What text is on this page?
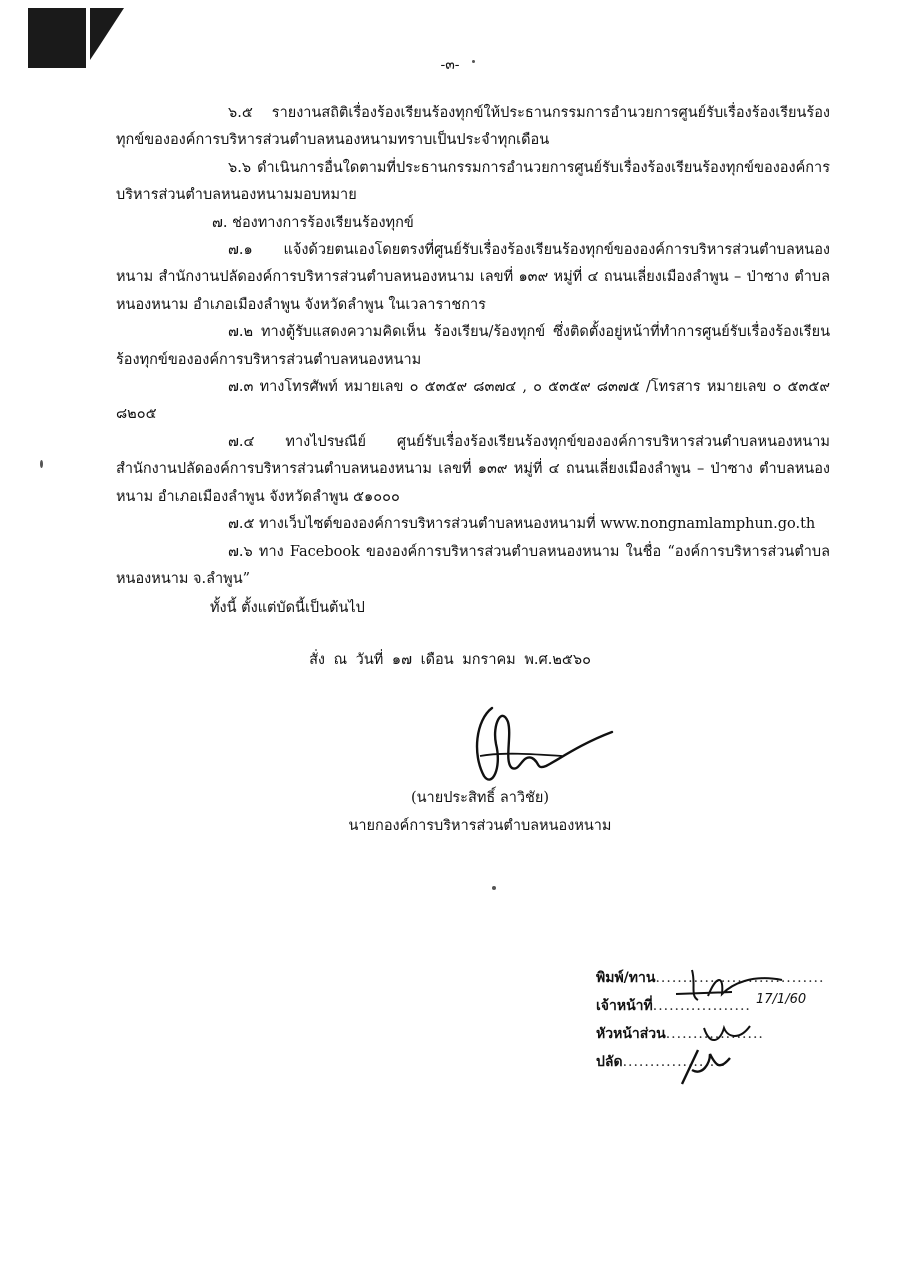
-๓-

๖.๕ รายงานสถิติเรื่องร้องเรียนร้องทุกข์ให้ประธานกรรมการอำนวยการศูนย์รับเรื่องร้องเรียนร้องทุกข์ขององค์การบริหารส่วนตำบลหนองหนามทราบเป็นประจำทุกเดือน

๖.๖ ดำเนินการอื่นใดตามที่ประธานกรรมการอำนวยการศูนย์รับเรื่องร้องเรียนร้องทุกข์ขององค์การบริหารส่วนตำบลหนองหนามมอบหมาย

๗. ช่องทางการร้องเรียนร้องทุกข์

๗.๑ แจ้งด้วยตนเองโดยตรงที่ศูนย์รับเรื่องร้องเรียนร้องทุกข์ขององค์การบริหารส่วนตำบลหนองหนาม สำนักงานปลัดองค์การบริหารส่วนตำบลหนองหนาม เลขที่ ๑๓๙ หมู่ที่ ๔ ถนนเลี่ยงเมืองลำพูน – ป่าซาง ตำบลหนองหนาม อำเภอเมืองลำพูน จังหวัดลำพูน ในเวลาราชการ

๗.๒ ทางตู้รับแสดงความคิดเห็น ร้องเรียน/ร้องทุกข์ ซึ่งติดตั้งอยู่หน้าที่ทำการศูนย์รับเรื่องร้องเรียนร้องทุกข์ขององค์การบริหารส่วนตำบลหนองหนาม

๗.๓ ทางโทรศัพท์ หมายเลข ๐ ๕๓๕๙ ๘๓๗๔ , ๐ ๕๓๕๙ ๘๓๗๕ /โทรสาร หมายเลข ๐ ๕๓๕๙ ๘๒๐๕

๗.๔ ทางไปรษณีย์ ศูนย์รับเรื่องร้องเรียนร้องทุกข์ขององค์การบริหารส่วนตำบลหนองหนาม สำนักงานปลัดองค์การบริหารส่วนตำบลหนองหนาม เลขที่ ๑๓๙ หมู่ที่ ๔ ถนนเลี่ยงเมืองลำพูน – ป่าซาง ตำบลหนองหนาม อำเภอเมืองลำพูน จังหวัดลำพูน ๕๑๐๐๐

๗.๕ ทางเว็บไซต์ขององค์การบริหารส่วนตำบลหนองหนามที่ www.nongnamlamphun.go.th

๗.๖ ทาง Facebook ขององค์การบริหารส่วนตำบลหนองหนาม ในชื่อ “องค์การบริหารส่วนตำบลหนองหนาม จ.ลำพูน”

ทั้งนี้ ตั้งแต่บัดนี้เป็นต้นไป
สั่ง ณ วันที่ ๑๗ เดือน มกราคม พ.ศ.๒๕๖๐
(นายประสิทธิ์ ลาวิชัย)
นายกองค์การบริหารส่วนตำบลหนองหนาม
พิมพ์/ทาน...............................
เจ้าหน้าที่.................. 17/1/60
หัวหน้าส่วน..................
ปลัด...................
